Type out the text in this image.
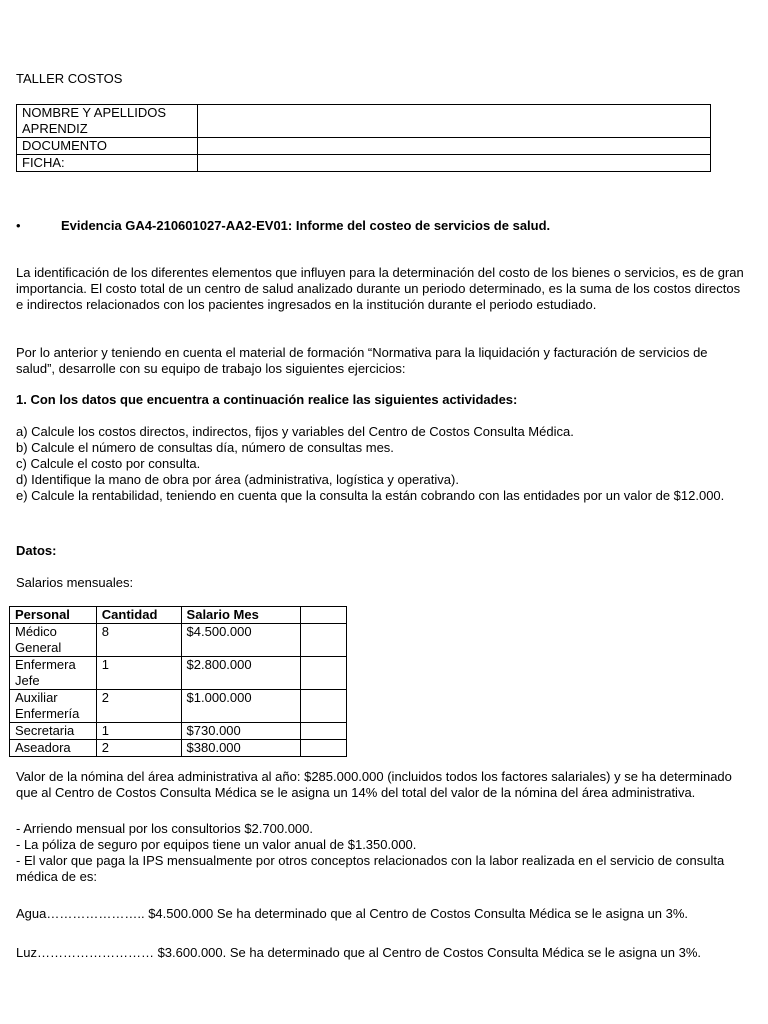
TALLER COSTOS
NOMBRE Y APELLIDOS APRENDIZ	
DOCUMENTO	
FICHA:	
•	Evidencia GA4-210601027-AA2-EV01: Informe del costeo de servicios de salud.

La identificación de los diferentes elementos que influyen para la determinación del costo de los bienes o servicios, es de gran importancia. El costo total de un centro de salud analizado durante un periodo determinado, es la suma de los costos directos e indirectos relacionados con los pacientes ingresados en la institución durante el periodo estudiado.

Por lo anterior y teniendo en cuenta el material de formación “Normativa para la liquidación y facturación de servicios de salud”, desarrolle con su equipo de trabajo los siguientes ejercicios:

1. Con los datos que encuentra a continuación realice las siguientes actividades:

a) Calcule los costos directos, indirectos, fijos y variables del Centro de Costos Consulta Médica.
b) Calcule el número de consultas día, número de consultas mes.
c) Calcule el costo por consulta.
d) Identifique la mano de obra por área (administrativa, logística y operativa).
e) Calcule la rentabilidad, teniendo en cuenta que la consulta la están cobrando con las entidades por un valor de $12.000.

Datos:

Salarios mensuales:

Personal	Cantidad	Salario Mes	
Médico General	8	$4.500.000	
Enfermera Jefe	1	$2.800.000	
Auxiliar Enfermería	2	$1.000.000	
Secretaria	1	$730.000	
Aseadora	2	$380.000	

Valor de la nómina del área administrativa al año: $285.000.000 (incluidos todos los factores salariales) y se ha determinado que al Centro de Costos Consulta Médica se le asigna un 14% del total del valor de la nómina del área administrativa.

- Arriendo mensual por los consultorios $2.700.000.
- La póliza de seguro por equipos tiene un valor anual de $1.350.000.
- El valor que paga la IPS mensualmente por otros conceptos relacionados con la labor realizada en el servicio de consulta médica de es:

Agua………………….. $4.500.000 Se ha determinado que al Centro de Costos Consulta Médica se le asigna un 3%.

Luz……………………… $3.600.000. Se ha determinado que al Centro de Costos Consulta Médica se le asigna un 3%.
